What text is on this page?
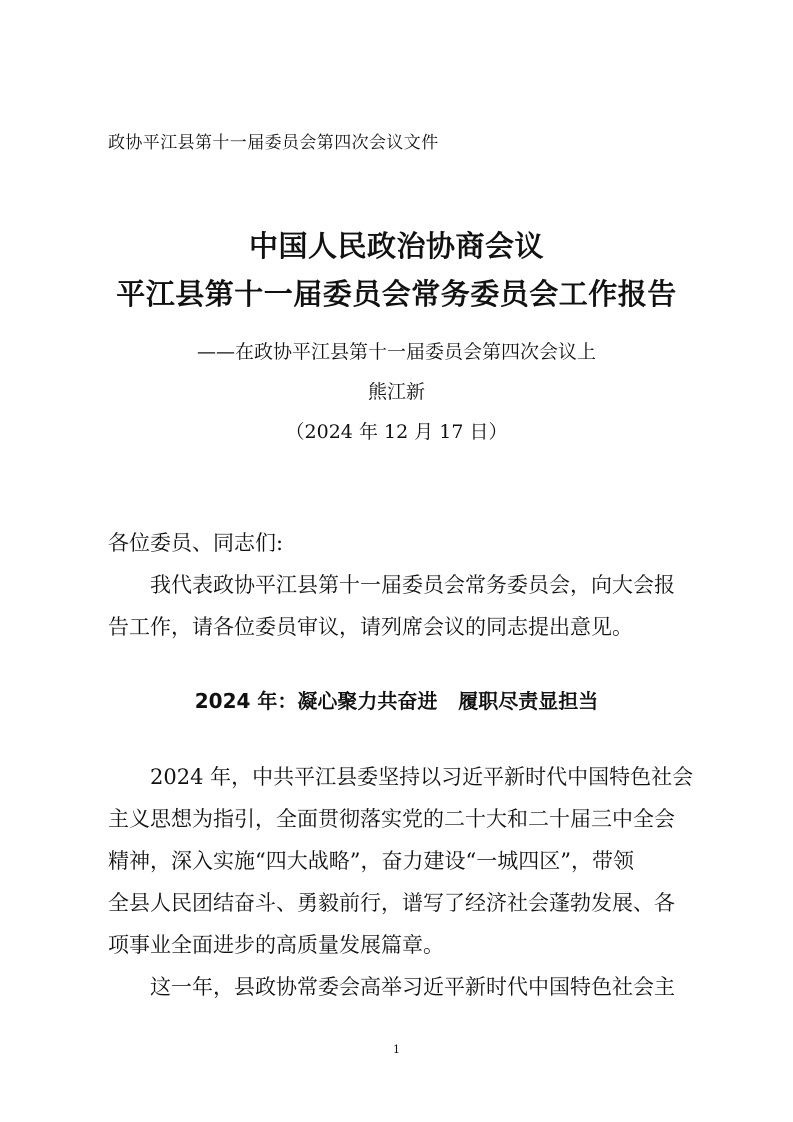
政协平江县第十一届委员会第四次会议文件
中国人民政治协商会议
平江县第十一届委员会常务委员会工作报告
——在政协平江县第十一届委员会第四次会议上
熊江新
（2024 年 12 月 17 日）
各位委员、同志们:
我代表政协平江县第十一届委员会常务委员会，向大会报
告工作，请各位委员审议，请列席会议的同志提出意见。
2024 年：凝心聚力共奋进   履职尽责显担当
2024 年，中共平江县委坚持以习近平新时代中国特色社会
主义思想为指引，全面贯彻落实党的二十大和二十届三中全会
精神，深入实施“四大战略”，奋力建设“一城四区”，带领
全县人民团结奋斗、勇毅前行，谱写了经济社会蓬勃发展、各
项事业全面进步的高质量发展篇章。
这一年，县政协常委会高举习近平新时代中国特色社会主
1
